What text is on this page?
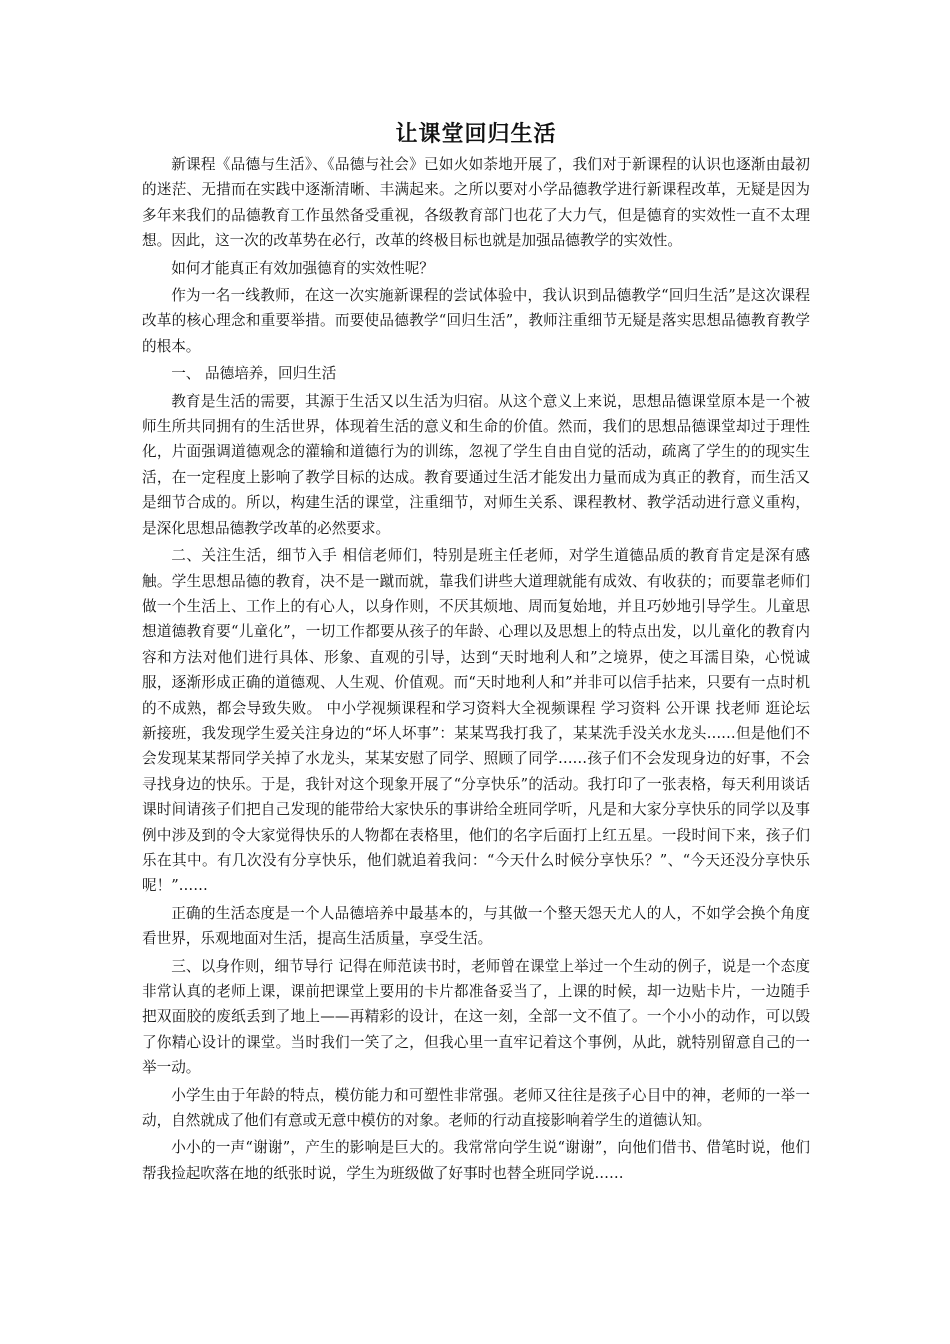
让课堂回归生活

新课程《品德与生活》、《品德与社会》已如火如荼地开展了，我们对于新课程的认识也逐渐由最初的迷茫、无措而在实践中逐渐清晰、丰满起来。之所以要对小学品德教学进行新课程改革，无疑是因为多年来我们的品德教育工作虽然备受重视，各级教育部门也花了大力气，但是德育的实效性一直不太理想。因此，这一次的改革势在必行，改革的终极目标也就是加强品德教学的实效性。

如何才能真正有效加强德育的实效性呢？

作为一名一线教师，在这一次实施新课程的尝试体验中，我认识到品德教学“回归生活”是这次课程改革的核心理念和重要举措。而要使品德教学“回归生活”，教师注重细节无疑是落实思想品德教育教学的根本。

一、 品德培养，回归生活

教育是生活的需要，其源于生活又以生活为归宿。从这个意义上来说，思想品德课堂原本是一个被师生所共同拥有的生活世界，体现着生活的意义和生命的价值。然而，我们的思想品德课堂却过于理性化，片面强调道德观念的灌输和道德行为的训练，忽视了学生自由自觉的活动，疏离了学生的的现实生活，在一定程度上影响了教学目标的达成。教育要通过生活才能发出力量而成为真正的教育，而生活又是细节合成的。所以，构建生活的课堂，注重细节，对师生关系、课程教材、教学活动进行意义重构，是深化思想品德教学改革的必然要求。

二、关注生活，细节入手 相信老师们，特别是班主任老师，对学生道德品质的教育肯定是深有感触。学生思想品德的教育，决不是一蹴而就，靠我们讲些大道理就能有成效、有收获的；而要靠老师们做一个生活上、工作上的有心人，以身作则，不厌其烦地、周而复始地，并且巧妙地引导学生。儿童思想道德教育要“儿童化”，一切工作都要从孩子的年龄、心理以及思想上的特点出发，以儿童化的教育内容和方法对他们进行具体、形象、直观的引导，达到“天时地利人和”之境界，使之耳濡目染，心悦诚服，逐渐形成正确的道德观、人生观、价值观。而“天时地利人和”并非可以信手拈来，只要有一点时机的不成熟，都会导致失败。 中小学视频课程和学习资料大全视频课程 学习资料 公开课 找老师 逛论坛 新接班，我发现学生爱关注身边的“坏人坏事”：某某骂我打我了，某某洗手没关水龙头……但是他们不会发现某某帮同学关掉了水龙头，某某安慰了同学、照顾了同学……孩子们不会发现身边的好事，不会寻找身边的快乐。于是，我针对这个现象开展了“分享快乐”的活动。我打印了一张表格，每天利用谈话课时间请孩子们把自己发现的能带给大家快乐的事讲给全班同学听，凡是和大家分享快乐的同学以及事例中涉及到的令大家觉得快乐的人物都在表格里，他们的名字后面打上红五星。一段时间下来，孩子们乐在其中。有几次没有分享快乐，他们就追着我问：“今天什么时候分享快乐？”、“今天还没分享快乐呢！”……

正确的生活态度是一个人品德培养中最基本的，与其做一个整天怨天尤人的人，不如学会换个角度看世界，乐观地面对生活，提高生活质量，享受生活。

三、以身作则，细节导行 记得在师范读书时，老师曾在课堂上举过一个生动的例子，说是一个态度非常认真的老师上课，课前把课堂上要用的卡片都准备妥当了，上课的时候，却一边贴卡片，一边随手把双面胶的废纸丢到了地上——再精彩的设计，在这一刻，全部一文不值了。一个小小的动作，可以毁了你精心设计的课堂。当时我们一笑了之，但我心里一直牢记着这个事例，从此，就特别留意自己的一举一动。

小学生由于年龄的特点，模仿能力和可塑性非常强。老师又往往是孩子心目中的神，老师的一举一动，自然就成了他们有意或无意中模仿的对象。老师的行动直接影响着学生的道德认知。

小小的一声“谢谢”，产生的影响是巨大的。我常常向学生说“谢谢”，向他们借书、借笔时说，他们帮我捡起吹落在地的纸张时说，学生为班级做了好事时也替全班同学说……
